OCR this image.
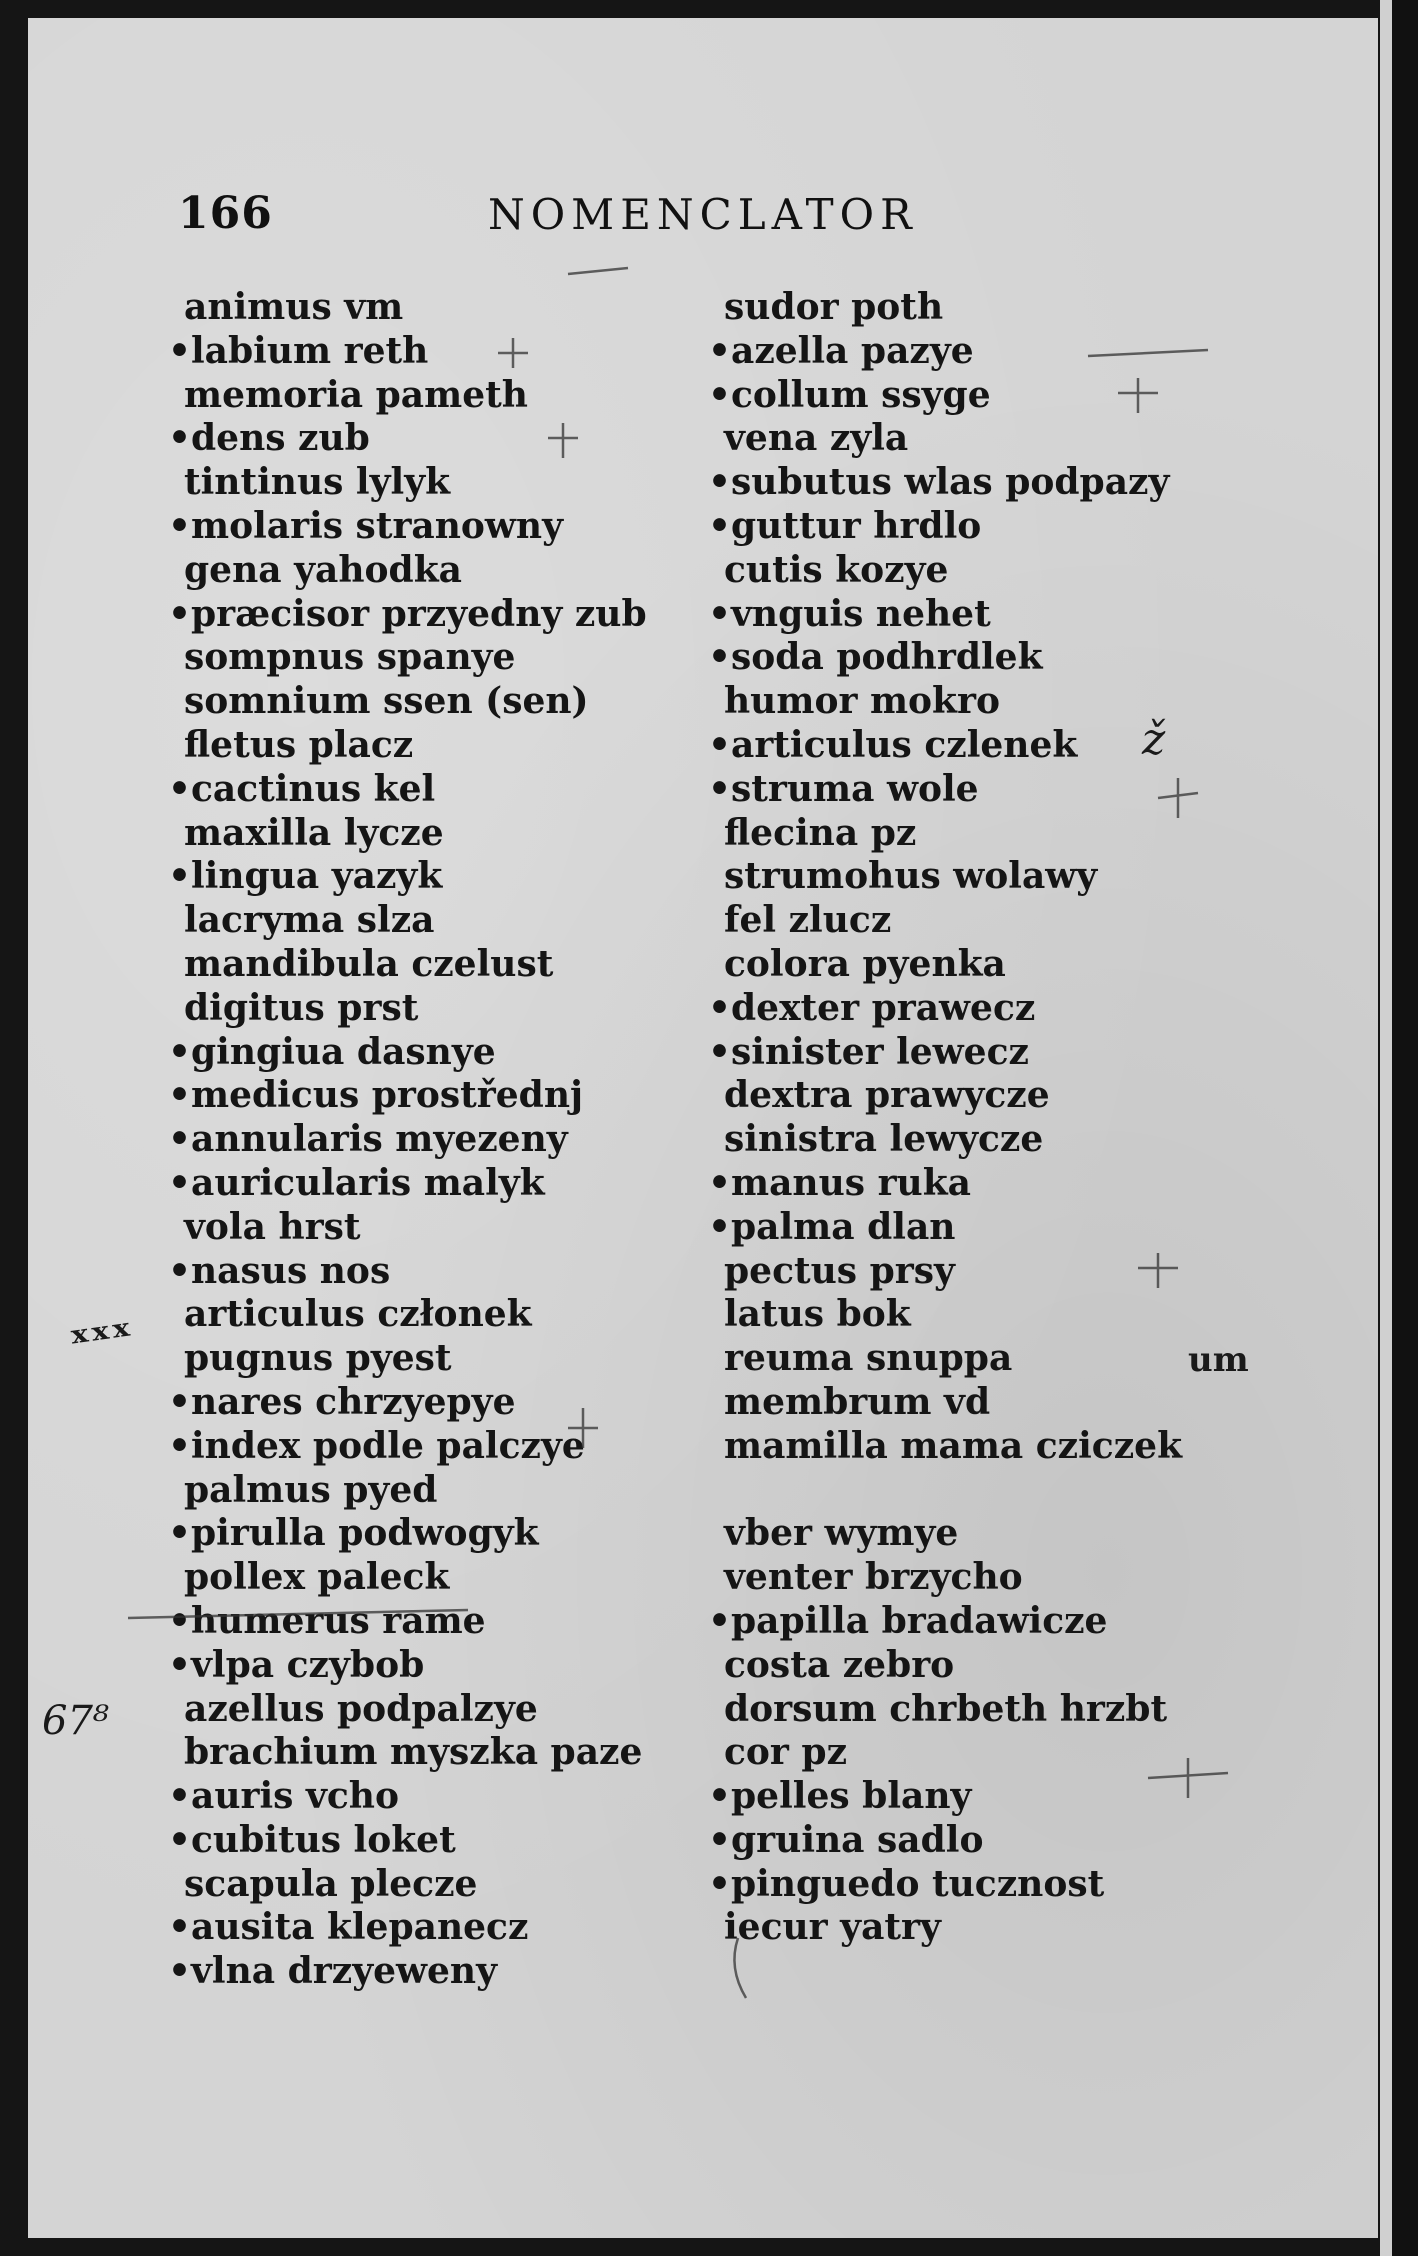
166	NOMENCLATOR
animus vm
•labium reth
memoria pameth
•dens zub
tintinus lylyk
•molaris stranowny
gena yahodka
•præcisor przyedny zub
sompnus spanye
somnium ssen (sen)
fletus placz
•cactinus kel
maxilla lycze
•lingua yazyk
lacryma slza
mandibula czelust
digitus prst
•gingiua dasnye
•medicus prostřednj
•annularis myezeny
•auricularis malyk
vola hrst
•nasus nos
articulus członek
pugnus pyest
•nares chrzyepye
•index podle palczye
palmus pyed
•pirulla podwogyk
pollex paleck
•humerus rame
•vlpa czybob
azellus podpalzye
brachium myszka paze
•auris vcho
•cubitus loket
scapula plecze
•ausita klepanecz
•vlna drzyeweny
sudor poth
•azella pazye
•collum ssyge
vena zyla
•subutus wlas podpazy
•guttur hrdlo
cutis kozye
•vnguis nehet
•soda podhrdlek
humor mokro
•articulus czlenek
•struma wole
flecina pz
strumohus wolawy
fel zlucz
colora pyenka
•dexter prawecz
•sinister lewecz
dextra prawycze
sinistra lewycze
•manus ruka
•palma dlan
pectus prsy
latus bok
reuma snuppa
membrum vd
mamilla mama cziczek
vber wymye
venter brzycho
•papilla bradawicze
costa zebro
dorsum chrbeth hrzbt
cor pz
•pelles blany
•gruina sadlo
•pinguedo tucznost
iecur yatry
ₓₓₓ
67⁸
um
ž
